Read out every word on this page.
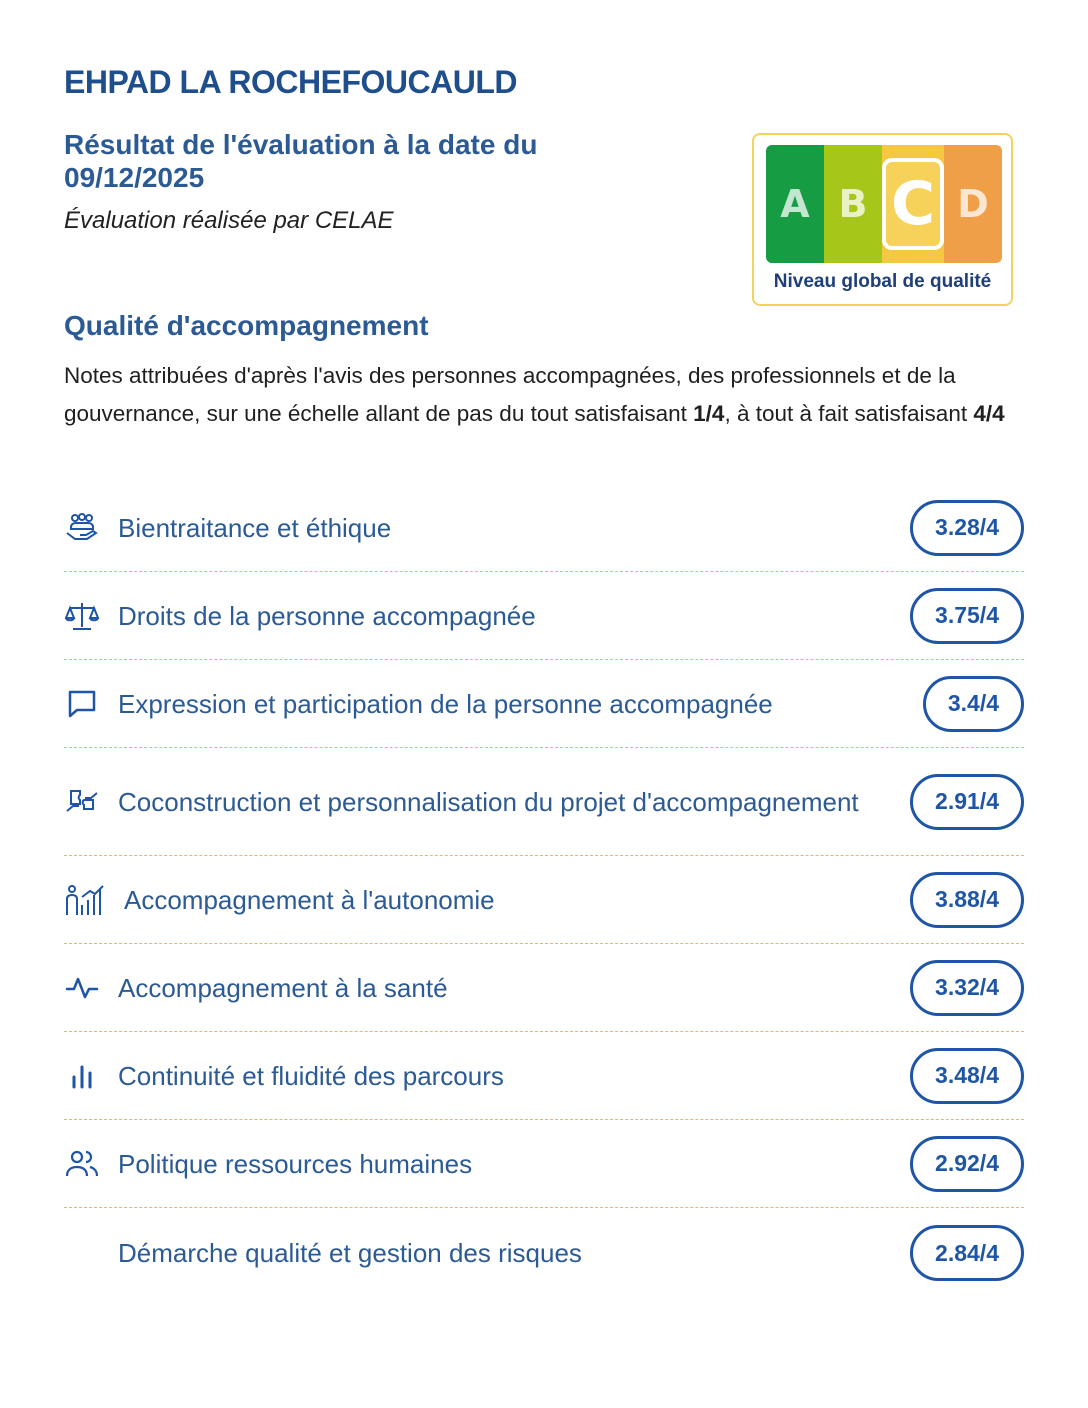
EHPAD LA ROCHEFOUCAULD
Résultat de l'évaluation à la date du 09/12/2025
Évaluation réalisée par CELAE	A B C D
Niveau global de qualité
Qualité d'accompagnement
Notes attribuées d'après l'avis des personnes accompagnées, des professionnels et de la gouvernance, sur une échelle allant de pas du tout satisfaisant 1/4, à tout à fait satisfaisant 4/4
Bientraitance et éthique	3.28/4
Droits de la personne accompagnée	3.75/4
Expression et participation de la personne accompagnée	3.4/4
Coconstruction et personnalisation du projet d'accompagnement	2.91/4
Accompagnement à l'autonomie	3.88/4
Accompagnement à la santé	3.32/4
Continuité et fluidité des parcours	3.48/4
Politique ressources humaines	2.92/4
Démarche qualité et gestion des risques	2.84/4
